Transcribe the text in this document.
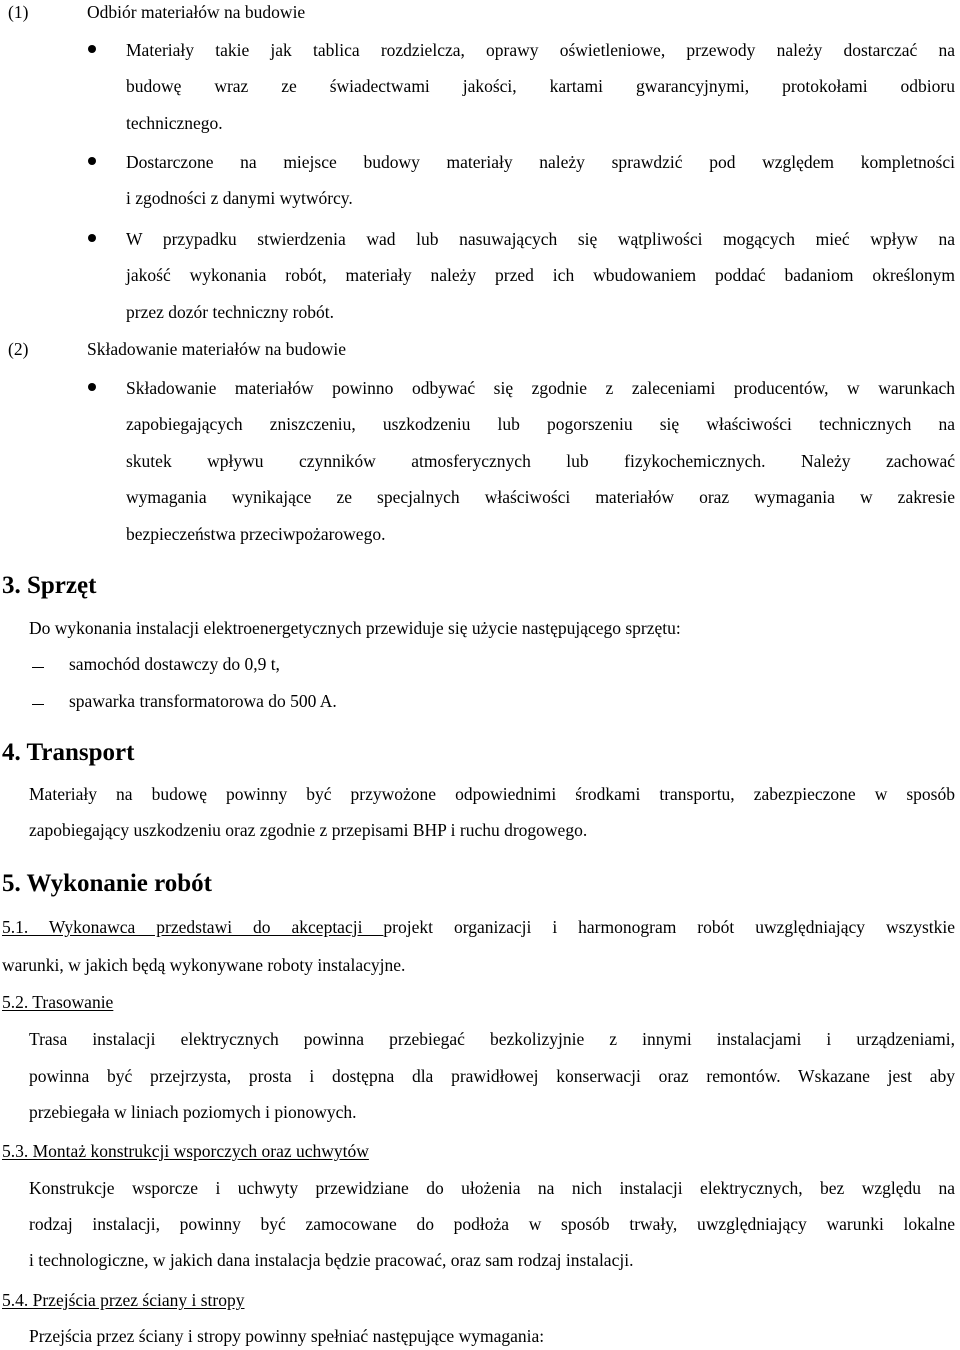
(1)	Odbiór materiałów na budowie
Materiały takie jak tablica rozdzielcza, oprawy oświetleniowe, przewody należy dostarczać na
budowę wraz ze świadectwami jakości, kartami gwarancyjnymi, protokołami odbioru
technicznego.
Dostarczone na miejsce budowy materiały należy sprawdzić pod względem kompletności
i zgodności z danymi wytwórcy.
W przypadku stwierdzenia wad lub nasuwających się wątpliwości mogących mieć wpływ na
jakość wykonania robót, materiały należy przed ich wbudowaniem poddać badaniom określonym
przez dozór techniczny robót.
(2)	Składowanie materiałów na budowie
Składowanie materiałów powinno odbywać się zgodnie z zaleceniami producentów, w warunkach
zapobiegających zniszczeniu, uszkodzeniu lub pogorszeniu się właściwości technicznych na
skutek wpływu czynników atmosferycznych lub fizykochemicznych. Należy zachować
wymagania wynikające ze specjalnych właściwości materiałów oraz wymagania w zakresie
bezpieczeństwa przeciwpożarowego.
3. Sprzęt
Do wykonania instalacji elektroenergetycznych przewiduje się użycie następującego sprzętu:
samochód dostawczy do 0,9 t,
spawarka transformatorowa do 500 A.
4. Transport
Materiały na budowę powinny być przywożone odpowiednimi środkami transportu, zabezpieczone w sposób
zapobiegający uszkodzeniu oraz zgodnie z przepisami BHP i ruchu drogowego.
5. Wykonanie robót
5.1. Wykonawca przedstawi do akceptacji projekt organizacji i harmonogram robót uwzględniający wszystkie
warunki, w jakich będą wykonywane roboty instalacyjne.
5.2. Trasowanie
Trasa instalacji elektrycznych powinna przebiegać bezkolizyjnie z innymi instalacjami i urządzeniami,
powinna być przejrzysta, prosta i dostępna dla prawidłowej konserwacji oraz remontów. Wskazane jest aby
przebiegała w liniach poziomych i pionowych.
5.3. Montaż konstrukcji wsporczych oraz uchwytów
Konstrukcje wsporcze i uchwyty przewidziane do ułożenia na nich instalacji elektrycznych, bez względu na
rodzaj instalacji, powinny być zamocowane do podłoża w sposób trwały, uwzględniający warunki lokalne
i technologiczne, w jakich dana instalacja będzie pracować, oraz sam rodzaj instalacji.
5.4. Przejścia przez ściany i stropy
Przejścia przez ściany i stropy powinny spełniać następujące wymagania:
